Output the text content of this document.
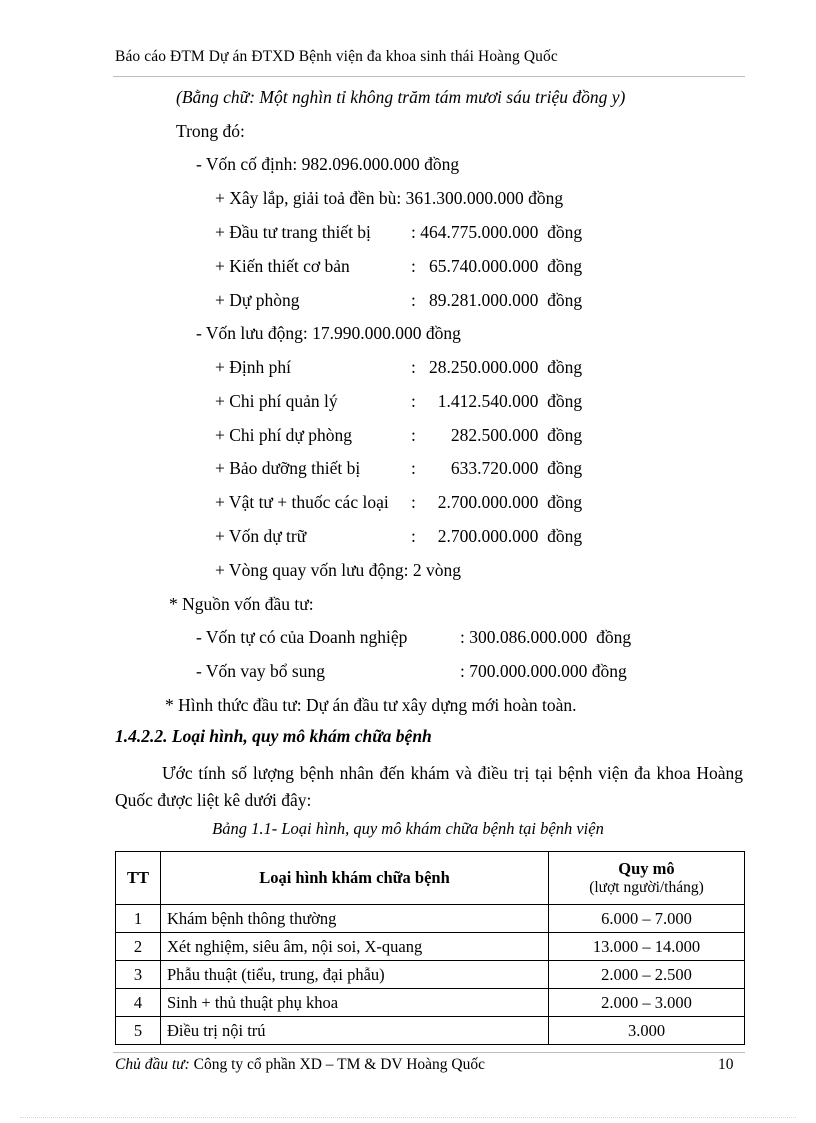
Báo cáo ĐTM Dự án ĐTXD Bệnh viện đa khoa sinh thái Hoàng Quốc
(Bằng chữ: Một nghìn tỉ không trăm tám mươi sáu triệu đồng y)
Trong đó:
- Vốn cố định: 982.096.000.000 đồng
+ Xây lắp, giải toả đền bù: 361.300.000.000 đồng
+ Đầu tư trang thiết bị : 464.775.000.000  đồng
+ Kiến thiết cơ bản	:   65.740.000.000  đồng
+ Dự phòng	:   89.281.000.000  đồng
- Vốn lưu động: 17.990.000.000 đồng
+ Định phí	:   28.250.000.000  đồng
+ Chi phí quản lý	:     1.412.540.000  đồng
+ Chi phí dự phòng	:        282.500.000  đồng
+ Bảo dưỡng thiết bị	:        633.720.000  đồng
+ Vật tư + thuốc các loại :     2.700.000.000  đồng
+ Vốn dự trữ	:     2.700.000.000  đồng
+ Vòng quay vốn lưu động: 2 vòng
* Nguồn vốn đầu tư:
- Vốn tự có của Doanh nghiệp	: 300.086.000.000  đồng
- Vốn vay bổ sung	: 700.000.000.000 đồng
* Hình thức đầu tư: Dự án đầu tư xây dựng mới hoàn toàn.
1.4.2.2. Loại hình, quy mô khám chữa bệnh
Ước tính số lượng bệnh nhân đến khám và điều trị tại bệnh viện đa khoa Hoàng Quốc được liệt kê dưới đây:
Bảng 1.1- Loại hình, quy mô khám chữa bệnh tại bệnh viện
TT	Loại hình khám chữa bệnh	Quy mô
(lượt người/tháng)

1	Khám bệnh thông thường	6.000 – 7.000
2	Xét nghiệm, siêu âm, nội soi, X-quang	13.000 – 14.000
3	Phẫu thuật (tiểu, trung, đại phẫu)	2.000 – 2.500
4	Sinh + thủ thuật phụ khoa	2.000 – 3.000
5	Điều trị nội trú	3.000
Chủ đầu tư: Công ty cổ phần XD – TM & DV Hoàng Quốc	10
